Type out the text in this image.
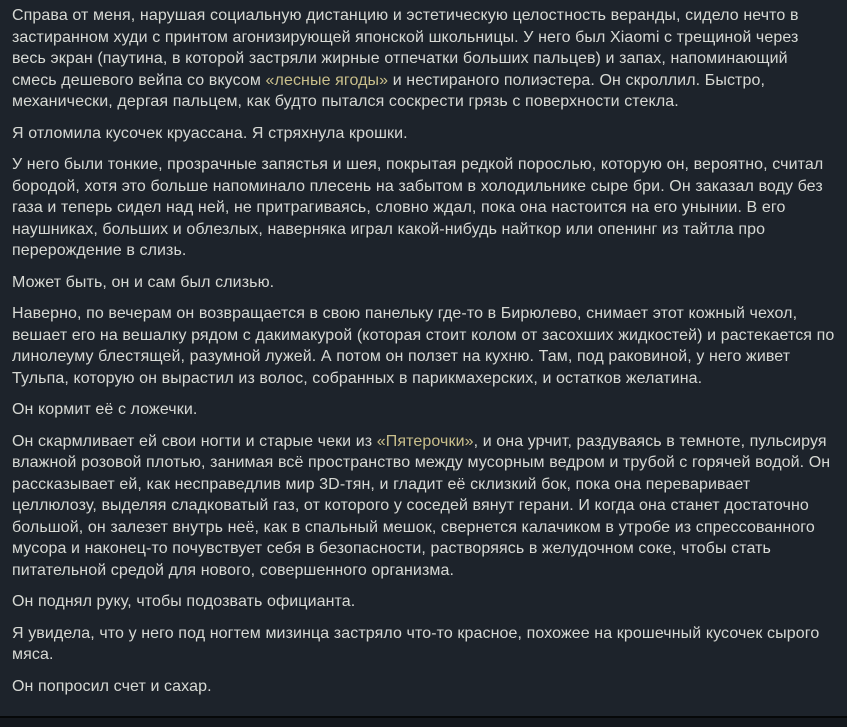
Справа от меня, нарушая социальную дистанцию и эстетическую целостность веранды, сидело нечто в застиранном худи с принтом агонизирующей японской школьницы. У него был Xiaomi с трещиной через весь экран (паутина, в которой застряли жирные отпечатки больших пальцев) и запах, напоминающий смесь дешевого вейпа со вкусом «лесные ягоды» и нестираного полиэстера. Он скроллил. Быстро, механически, дергая пальцем, как будто пытался соскрести грязь с поверхности стекла.

Я отломила кусочек круассана. Я стряхнула крошки.

У него были тонкие, прозрачные запястья и шея, покрытая редкой порослью, которую он, вероятно, считал бородой, хотя это больше напоминало плесень на забытом в холодильнике сыре бри. Он заказал воду без газа и теперь сидел над ней, не притрагиваясь, словно ждал, пока она настоится на его унынии. В его наушниках, больших и облезлых, наверняка играл какой-нибудь найткор или опенинг из тайтла про перерождение в слизь.

Может быть, он и сам был слизью.

Наверно, по вечерам он возвращается в свою панельку где-то в Бирюлево, снимает этот кожный чехол, вешает его на вешалку рядом с дакимакурой (которая стоит колом от засохших жидкостей) и растекается по линолеуму блестящей, разумной лужей. А потом он ползет на кухню. Там, под раковиной, у него живет Тульпа, которую он вырастил из волос, собранных в парикмахерских, и остатков желатина.

Он кормит её с ложечки.

Он скармливает ей свои ногти и старые чеки из «Пятерочки», и она урчит, раздуваясь в темноте, пульсируя влажной розовой плотью, занимая всё пространство между мусорным ведром и трубой с горячей водой. Он рассказывает ей, как несправедлив мир 3D-тян, и гладит её склизкий бок, пока она переваривает целлюлозу, выделяя сладковатый газ, от которого у соседей вянут герани. И когда она станет достаточно большой, он залезет внутрь неё, как в спальный мешок, свернется калачиком в утробе из спрессованного мусора и наконец-то почувствует себя в безопасности, растворяясь в желудочном соке, чтобы стать питательной средой для нового, совершенного организма.

Он поднял руку, чтобы подозвать официанта.

Я увидела, что у него под ногтем мизинца застряло что-то красное, похожее на крошечный кусочек сырого мяса.

Он попросил счет и сахар.
